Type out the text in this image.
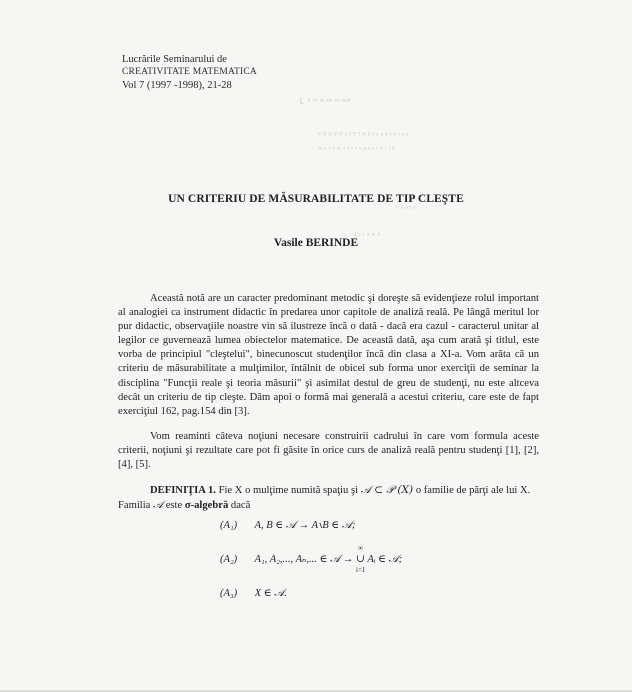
Lucrările Seminarului de
CREATIVITATE MATEMATICA
Vol 7 (1997 -1998), 21-28
Ꮮ ᴬ ˣʸ ᵈᵉ ˢᵗᵃ ᵛᵉ ʳᵉᵃᵈ
ᴾ ᴿ ᴼ ᴾ ᴼ ᶻ ᴵ ᵀ ᴵ ᴬ ¹ ᶦ ᵃ ᵘ ᵃ ᵗ ᵃ ᵗ ᵉ ᵉ
ᵐ ᵃ ᵗ ᵉ ᵐ ᵃ ᵗ ᶦ ᶜ ᵉ ᵖ ᵒ ˢ ᶦ ᵇ ᶦ ˡ ᵉ
ᵒ ᵃ ᵖ ᵗ ᵉ
ᶦ ᵈ ᵉ ᶜ ᵃ ᵐ ᵉ
UN CRITERIU DE MĂSURABILITATE DE TIP CLEŞTE
Vasile BERINDE
Această notă are un caracter predominant metodic şi doreşte să evidenţieze rolul important al analogiei ca instrument didactic în predarea unor capitole de analiză reală. Pe lângă meritul lor pur didactic, observaţiile noastre vin să ilustreze încă o dată - dacă era cazul - caracterul unitar al legilor ce guvernează lumea obiectelor matematice. De această dată, aşa cum arată şi titlul, este vorba de principiul "cleştelui", binecunoscut studenţilor încă din clasa a XI-a. Vom arăta că un criteriu de măsurabilitate a mulţimilor, întâlnit de obicei sub forma unor exerciţii de seminar la disciplina "Funcţii reale şi teoria măsurii" şi asimilat destul de greu de studenţi, nu este altceva decât un criteriu de tip cleşte. Dăm apoi o formă mai generală a acestui criteriu, care este de fapt exerciţiul 162, pag.154 din [3].
Vom reaminti câteva noţiuni necesare construirii cadrului în care vom formula aceste criterii, noţiuni şi rezultate care pot fi găsite în orice curs de analiză reală pentru studenţi [1], [2], [4], [5].
DEFINIŢIA 1. Fie X o mulţime numită spaţiu şi 𝒜 ⊂ 𝒫 (X) o familie de părţi ale lui X. Familia 𝒜 este σ-algebră dacă
(A₁) A, B ∈ 𝒜 → A∖B ∈ 𝒜;
(A₂) A₁, A₂,..., Aₙ,... ∈ 𝒜 →
∞
∪
i=1
Aᵢ ∈ 𝒜;
(A₃) X ∈ 𝒜.
